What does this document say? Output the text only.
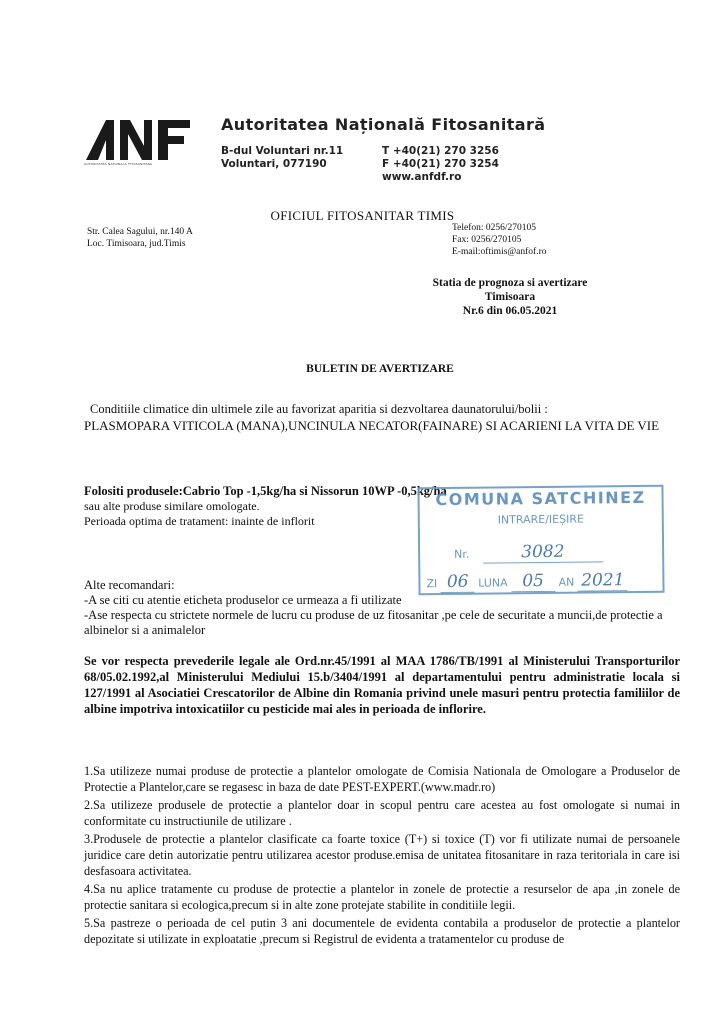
AUTORITATEA NATIONALA FITOSANITARA
Autoritatea Națională Fitosanitară
B-dul Voluntari nr.11
Voluntari, 077190
T +40(21) 270 3256
F +40(21) 270 3254
www.anfdf.ro
OFICIUL FITOSANITAR TIMIS
Str. Calea Sagului, nr.140 A
Loc. Timisoara, jud.Timis
Telefon: 0256/270105
Fax: 0256/270105
E-mail:oftimis@anfof.ro
Statia de prognoza si avertizare
Timisoara
Nr.6 din 06.05.2021
BULETIN DE AVERTIZARE
Conditiile climatice din ultimele zile au favorizat aparitia si dezvoltarea daunatorului/bolii :
PLASMOPARA VITICOLA (MANA),UNCINULA NECATOR(FAINARE) SI ACARIENI LA VITA DE VIE
Folositi produsele:Cabrio Top -1,5kg/ha si Nissorun 10WP -0,5kg/ha
sau alte produse similare omologate.
Perioada optima de tratament: inainte de inflorit
COMUNA SATCHINEZ
INTRARE/IEȘIRE
Nr.	3082
ZI 06 LUNA 05 AN 2021
Alte recomandari:
-A se citi cu atentie eticheta produselor ce urmeaza a fi utilizate
-Ase respecta cu strictete normele de lucru cu produse de uz fitosanitar ,pe cele de securitate a muncii,de protectie a albinelor si a animalelor
Se vor respecta prevederile legale ale Ord.nr.45/1991 al MAA 1786/TB/1991 al Ministerului Transporturilor 68/05.02.1992,al Ministerului Mediului 15.b/3404/1991 al departamentului pentru administratie locala si 127/1991 al Asociatiei Crescatorilor de Albine din Romania privind unele masuri pentru protectia familiilor de albine impotriva intoxicatiilor cu pesticide mai ales in perioada de inflorire.
1.Sa utilizeze numai produse de protectie a plantelor omologate de Comisia Nationala de Omologare a Produselor de Protectie a Plantelor,care se regasesc in baza de date PEST-EXPERT.(www.madr.ro)
2.Sa utilizeze produsele de protectie a plantelor doar in scopul pentru care acestea au fost omologate si numai in conformitate cu instructiunile de utilizare .
3.Produsele de protectie a plantelor clasificate ca foarte toxice (T+) si toxice (T) vor fi utilizate numai de persoanele juridice care detin autorizatie pentru utilizarea acestor produse.emisa de unitatea fitosanitare in raza teritoriala in care isi desfasoara activitatea.
4.Sa nu aplice tratamente cu produse de protectie a plantelor in zonele de protectie a resurselor de apa ,in zonele de protectie sanitara si ecologica,precum si in alte zone protejate stabilite in conditiile legii.
5.Sa pastreze o perioada de cel putin 3 ani documentele de evidenta contabila a produselor de protectie a plantelor depozitate si utilizate in exploatatie ,precum si Registrul de evidenta a tratamentelor cu produse de
